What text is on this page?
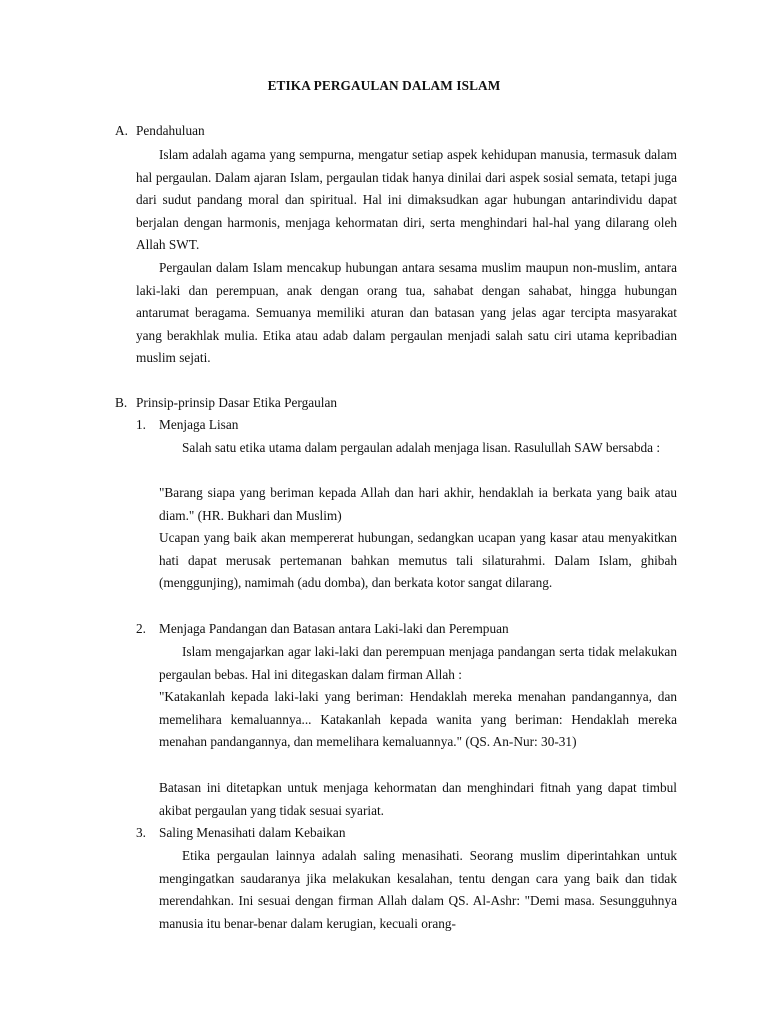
ETIKA PERGAULAN DALAM ISLAM
A. Pendahuluan
Islam adalah agama yang sempurna, mengatur setiap aspek kehidupan manusia, termasuk dalam hal pergaulan. Dalam ajaran Islam, pergaulan tidak hanya dinilai dari aspek sosial semata, tetapi juga dari sudut pandang moral dan spiritual. Hal ini dimaksudkan agar hubungan antarindividu dapat berjalan dengan harmonis, menjaga kehormatan diri, serta menghindari hal-hal yang dilarang oleh Allah SWT.
Pergaulan dalam Islam mencakup hubungan antara sesama muslim maupun non-muslim, antara laki-laki dan perempuan, anak dengan orang tua, sahabat dengan sahabat, hingga hubungan antarumat beragama. Semuanya memiliki aturan dan batasan yang jelas agar tercipta masyarakat yang berakhlak mulia. Etika atau adab dalam pergaulan menjadi salah satu ciri utama kepribadian muslim sejati.
B. Prinsip-prinsip Dasar Etika Pergaulan
1. Menjaga Lisan
Salah satu etika utama dalam pergaulan adalah menjaga lisan. Rasulullah SAW bersabda :
"Barang siapa yang beriman kepada Allah dan hari akhir, hendaklah ia berkata yang baik atau diam." (HR. Bukhari dan Muslim)
Ucapan yang baik akan mempererat hubungan, sedangkan ucapan yang kasar atau menyakitkan hati dapat merusak pertemanan bahkan memutus tali silaturahmi. Dalam Islam, ghibah (menggunjing), namimah (adu domba), dan berkata kotor sangat dilarang.
2. Menjaga Pandangan dan Batasan antara Laki-laki dan Perempuan
Islam mengajarkan agar laki-laki dan perempuan menjaga pandangan serta tidak melakukan pergaulan bebas. Hal ini ditegaskan dalam firman Allah :
"Katakanlah kepada laki-laki yang beriman: Hendaklah mereka menahan pandangannya, dan memelihara kemaluannya... Katakanlah kepada wanita yang beriman: Hendaklah mereka menahan pandangannya, dan memelihara kemaluannya." (QS. An-Nur: 30-31)
Batasan ini ditetapkan untuk menjaga kehormatan dan menghindari fitnah yang dapat timbul akibat pergaulan yang tidak sesuai syariat.
3. Saling Menasihati dalam Kebaikan
Etika pergaulan lainnya adalah saling menasihati. Seorang muslim diperintahkan untuk mengingatkan saudaranya jika melakukan kesalahan, tentu dengan cara yang baik dan tidak merendahkan. Ini sesuai dengan firman Allah dalam QS. Al-Ashr: "Demi masa. Sesungguhnya manusia itu benar-benar dalam kerugian, kecuali orang-
